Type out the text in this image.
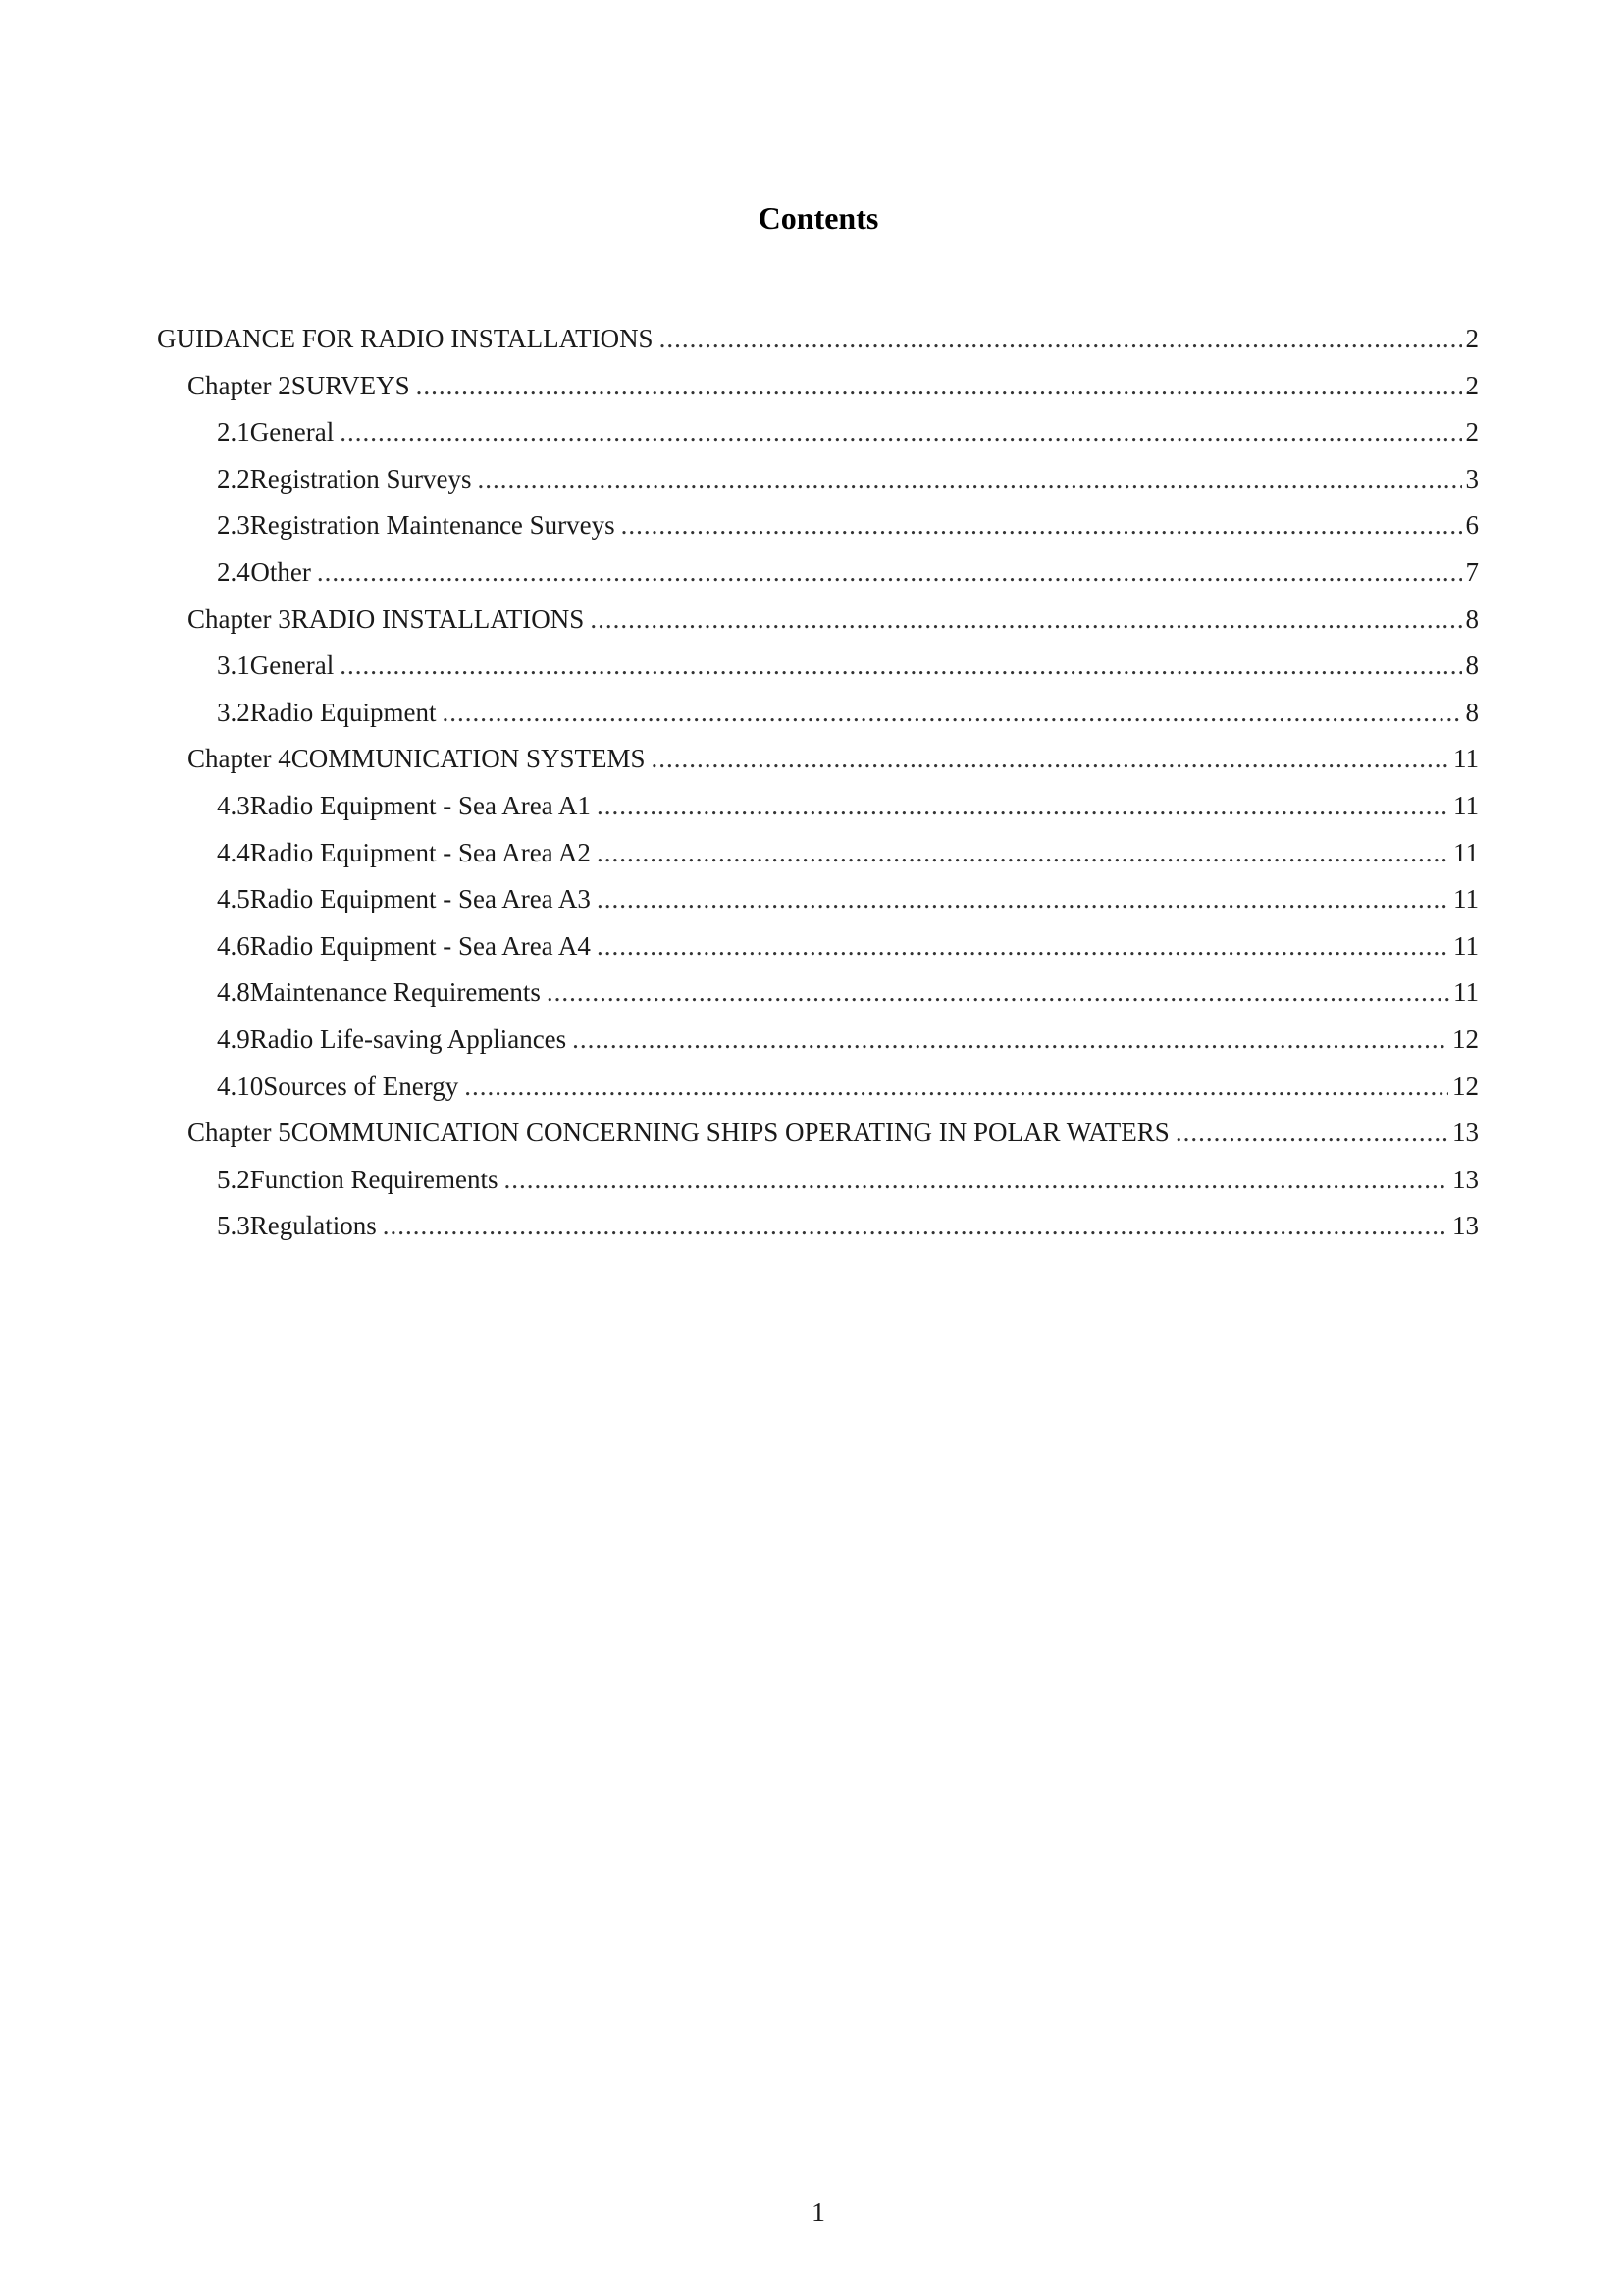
Contents
GUIDANCE FOR RADIO INSTALLATIONS .....	2
Chapter 2 SURVEYS .....	2
2.1 General .....	2
2.2 Registration Surveys .....	3
2.3 Registration Maintenance Surveys .....	6
2.4 Other .....	7
Chapter 3 RADIO INSTALLATIONS .....	8
3.1 General .....	8
3.2 Radio Equipment .....	8
Chapter 4 COMMUNICATION SYSTEMS .....	11
4.3 Radio Equipment - Sea Area A1 .....	11
4.4 Radio Equipment - Sea Area A2 .....	11
4.5 Radio Equipment - Sea Area A3 .....	11
4.6 Radio Equipment - Sea Area A4 .....	11
4.8 Maintenance Requirements .....	11
4.9 Radio Life-saving Appliances .....	12
4.10 Sources of Energy .....	12
Chapter 5 COMMUNICATION CONCERNING SHIPS OPERATING IN POLAR WATERS .....	13
5.2 Function Requirements .....	13
5.3 Regulations .....	13
1
